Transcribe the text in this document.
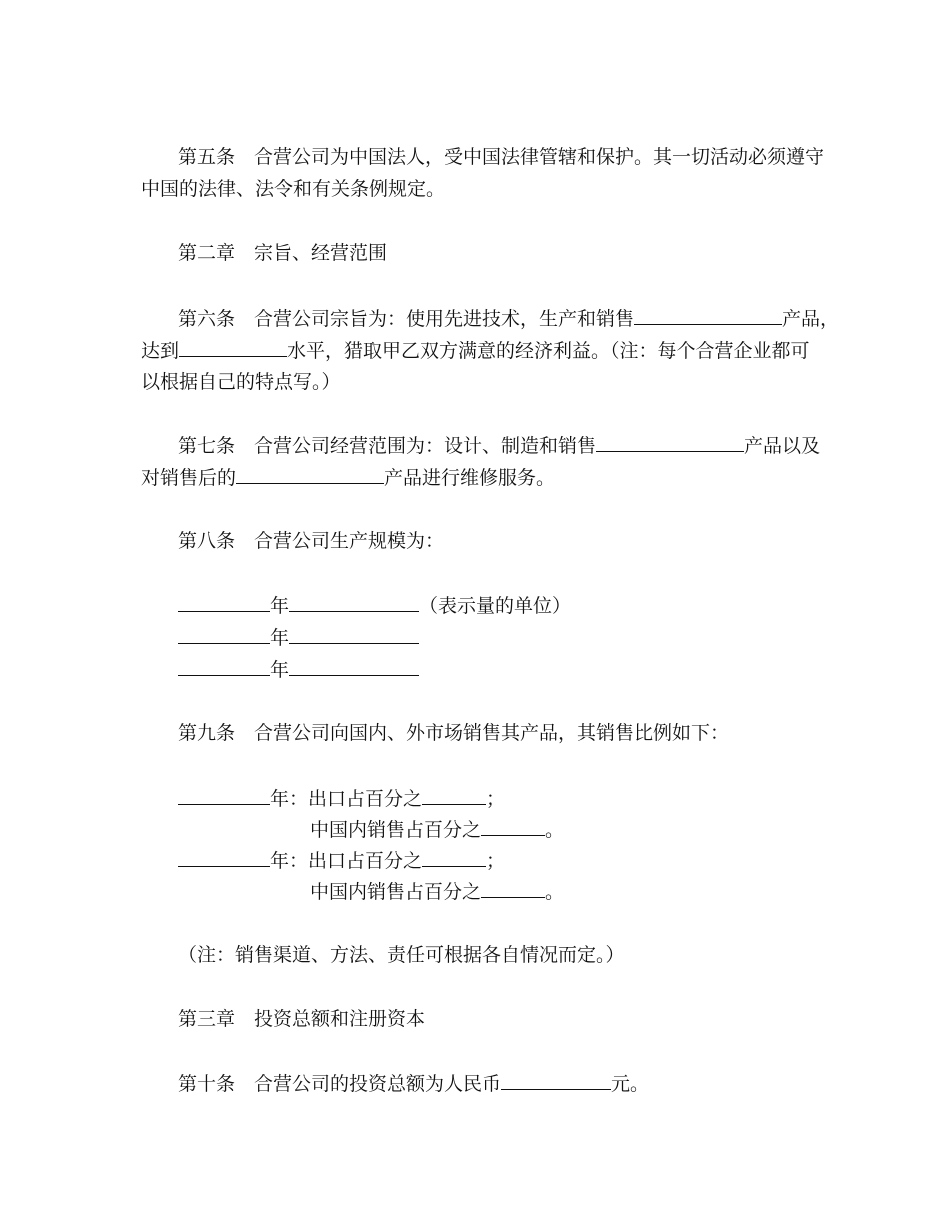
第五条　合营公司为中国法人，受中国法律管辖和保护。其一切活动必须遵守
中国的法律、法令和有关条例规定。
第二章　宗旨、经营范围
第六条　合营公司宗旨为：使用先进技术，生产和销售	产品，
达到	水平，猎取甲乙双方满意的经济利益。（注：每个合营企业都可
以根据自己的特点写。）
第七条　合营公司经营范围为：设计、制造和销售	产品以及
对销售后的	产品进行维修服务。
第八条　合营公司生产规模为：
年	（表示量的单位）
年
年
第九条　合营公司向国内、外市场销售其产品，其销售比例如下：
年：出口占百分之	；
中国内销售占百分之	。
年：出口占百分之	；
中国内销售占百分之	。
（注：销售渠道、方法、责任可根据各自情况而定。）
第三章　投资总额和注册资本
第十条　合营公司的投资总额为人民币	元。
